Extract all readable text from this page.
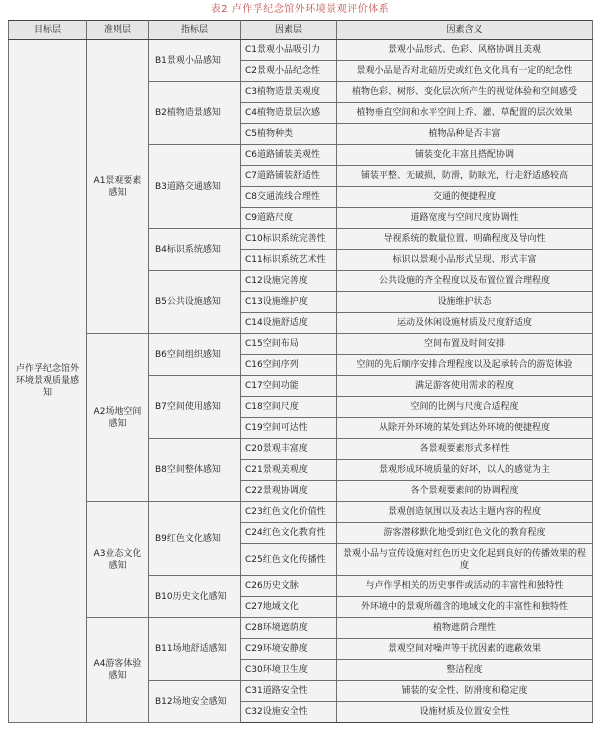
表2 卢作孚纪念馆外环境景观评价体系
目标层	准则层	指标层	因素层	因素含义
卢作孚纪念馆外环境景观质量感知	A1景观要素感知	B1景观小品感知	C1景观小品吸引力	景观小品形式、色彩、风格协调且美观
			C2景观小品纪念性	景观小品是否对北碚历史或红色文化具有一定的纪念性
		B2植物造景感知	C3植物造景美观度	植物色彩、树形、变化层次所产生的视觉体验和空间感受
			C4植物造景层次感	植物垂直空间和水平空间上乔、灌、草配置的层次效果
			C5植物种类	植物品种是否丰富
		B3道路交通感知	C6道路铺装美观性	铺装变化丰富且搭配协调
			C7道路铺装舒适性	铺装平整、无破损，防滑，防眩光，行走舒适感较高
			C8交通流线合理性	交通的便捷程度
			C9道路尺度	道路宽度与空间尺度协调性
		B4标识系统感知	C10标识系统完善性	导视系统的数量位置、明确程度及导向性
			C11标识系统艺术性	标识以景观小品形式呈现、形式丰富
		B5公共设施感知	C12设施完善度	公共设施的齐全程度以及布置位置合理程度
			C13设施维护度	设施维护状态
			C14设施舒适度	运动及休闲设施材质及尺度舒适度
	A2场地空间感知	B6空间组织感知	C15空间布局	空间布置及时间安排
			C16空间序列	空间的先后顺序安排合理程度以及起承转合的游览体验
		B7空间使用感知	C17空间功能	满足游客使用需求的程度
			C18空间尺度	空间的比例与尺度合适程度
			C19空间可达性	从除开外环境的某处到达外环境的便捷程度
		B8空间整体感知	C20景观丰富度	各景观要素形式多样性
			C21景观美观度	景观形成环境质量的好坏，以人的感觉为主
			C22景观协调度	各个景观要素间的协调程度
	A3业态文化感知	B9红色文化感知	C23红色文化价值性	景观创造氛围以及表达主题内容的程度
			C24红色文化教育性	游客潜移默化地受到红色文化的教育程度
			C25红色文化传播性	景观小品与宣传设施对红色历史文化起到良好的传播效果的程度
		B10历史文化感知	C26历史文脉	与卢作孚相关的历史事件或活动的丰富性和独特性
			C27地域文化	外环境中的景观所蕴含的地域文化的丰富性和独特性
	A4游客体验感知	B11场地舒适感知	C28环境遮荫度	植物遮荫合理性
			C29环境安静度	景观空间对噪声等干扰因素的遮蔽效果
			C30环境卫生度	整洁程度
		B12场地安全感知	C31道路安全性	铺装的安全性、防滑度和稳定度
			C32设施安全性	设施材质及位置安全性
